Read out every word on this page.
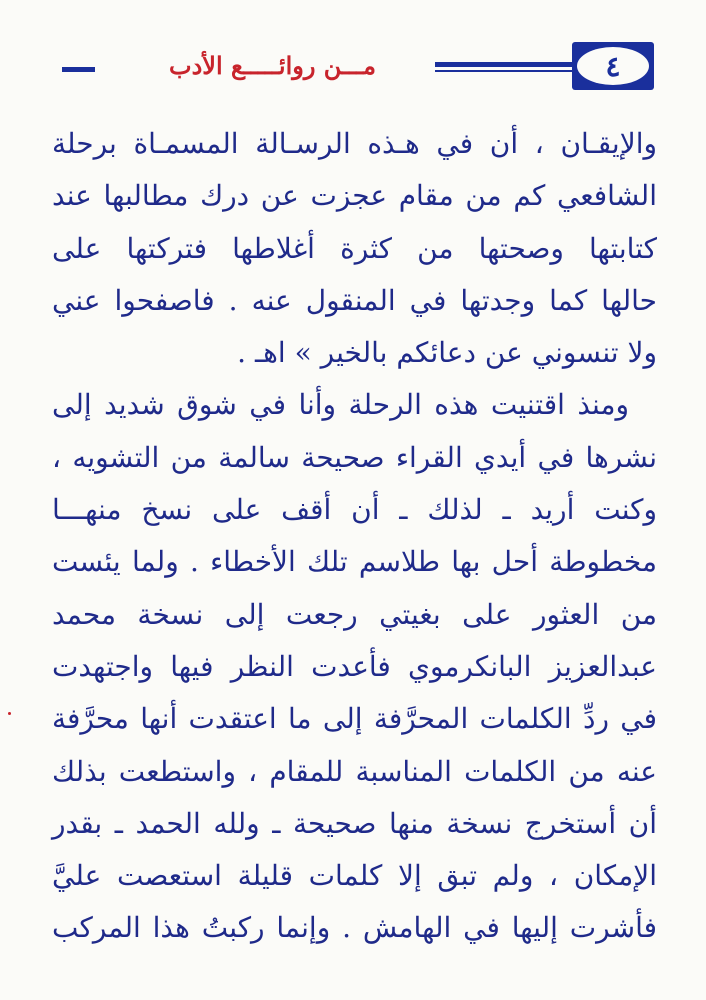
مـــن روائـــــع الأدب	٤

والإيقـان ، أن في هـذه الرسـالة المسمـاة برحلة

الشافعي كم من مقام عجزت عن درك مطالبها عند

كتابتها وصحتها من كثرة أغلاطها فتركتها على

حالها كما وجدتها في المنقول عنه . فاصفحوا عني

ولا تنسوني عن دعائكم بالخير » اهـ .

ومنذ اقتنيت هذه الرحلة وأنا في شوق شديد إلى

نشرها في أيدي القراء صحيحة سالمة من التشويه ،

وكنت أريد ـ لذلك ـ أن أقف على نسخ منهـــا

مخطوطة أحل بها طلاسم تلك الأخطاء . ولما يئست

من العثور على بغيتي رجعت إلى نسخة محمد

عبدالعزيز البانكرموي فأعدت النظر فيها واجتهدت

في ردِّ الكلمات المحرَّفة إلى ما اعتقدت أنها محرَّفة

عنه من الكلمات المناسبة للمقام ، واستطعت بذلك

أن أستخرج نسخة منها صحيحة ـ ولله الحمد ـ بقدر

الإمكان ، ولم تبق إلا كلمات قليلة استعصت عليَّ

فأشرت إليها في الهامش . وإنما ركبتُ هذا المركب
